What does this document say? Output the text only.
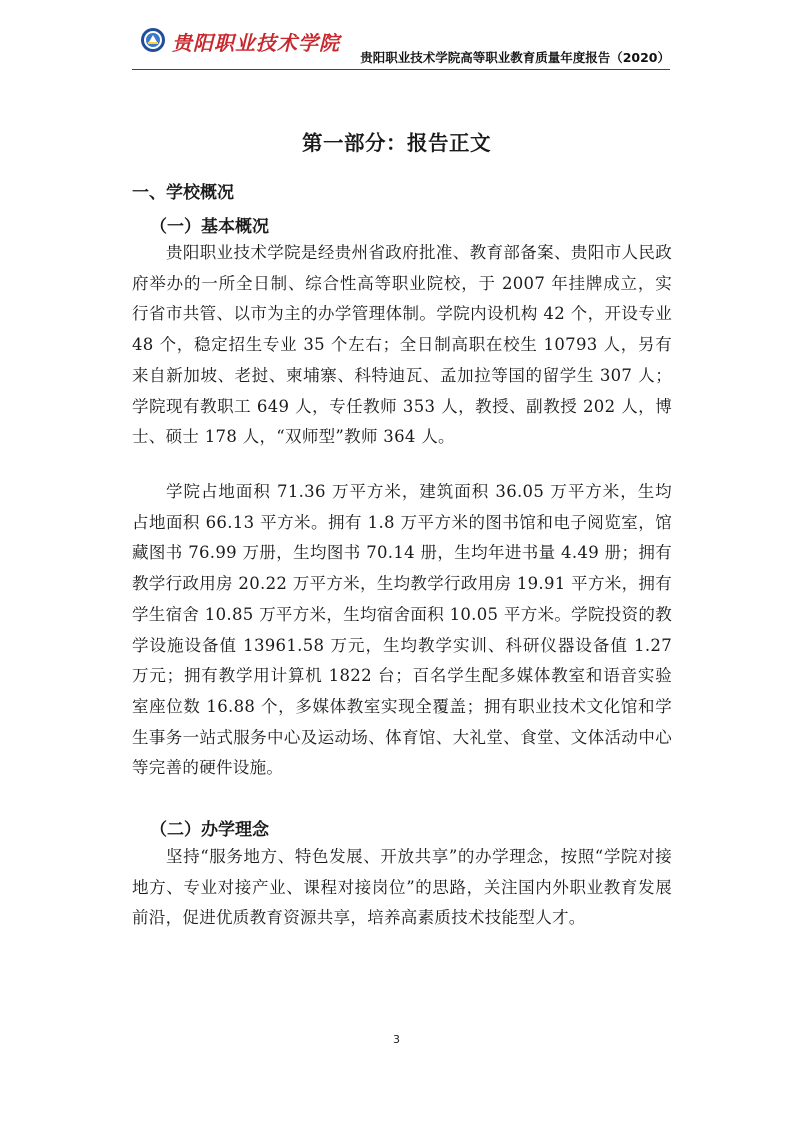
贵阳职业技术学院
贵阳职业技术学院高等职业教育质量年度报告（2020）
第一部分：报告正文
一、学校概况
（一）基本概况

贵阳职业技术学院是经贵州省政府批准、教育部备案、贵阳市人民政府举办的一所全日制、综合性高等职业院校，于 2007 年挂牌成立，实行省市共管、以市为主的办学管理体制。学院内设机构 42 个，开设专业 48 个，稳定招生专业 35 个左右；全日制高职在校生 10793 人，另有来自新加坡、老挝、柬埔寨、科特迪瓦、孟加拉等国的留学生 307 人；学院现有教职工 649 人，专任教师 353 人，教授、副教授 202 人，博士、硕士 178 人，“双师型”教师 364 人。

学院占地面积 71.36 万平方米，建筑面积 36.05 万平方米，生均占地面积 66.13 平方米。拥有 1.8 万平方米的图书馆和电子阅览室，馆藏图书 76.99 万册，生均图书 70.14 册，生均年进书量 4.49 册；拥有教学行政用房 20.22 万平方米，生均教学行政用房 19.91 平方米，拥有学生宿舍 10.85 万平方米，生均宿舍面积 10.05 平方米。学院投资的教学设施设备值 13961.58 万元，生均教学实训、科研仪器设备值 1.27 万元；拥有教学用计算机 1822 台；百名学生配多媒体教室和语音实验室座位数 16.88 个，多媒体教室实现全覆盖；拥有职业技术文化馆和学生事务一站式服务中心及运动场、体育馆、大礼堂、食堂、文体活动中心等完善的硬件设施。

（二）办学理念

坚持“服务地方、特色发展、开放共享”的办学理念，按照“学院对接地方、专业对接产业、课程对接岗位”的思路，关注国内外职业教育发展前沿，促进优质教育资源共享，培养高素质技术技能型人才。

3
